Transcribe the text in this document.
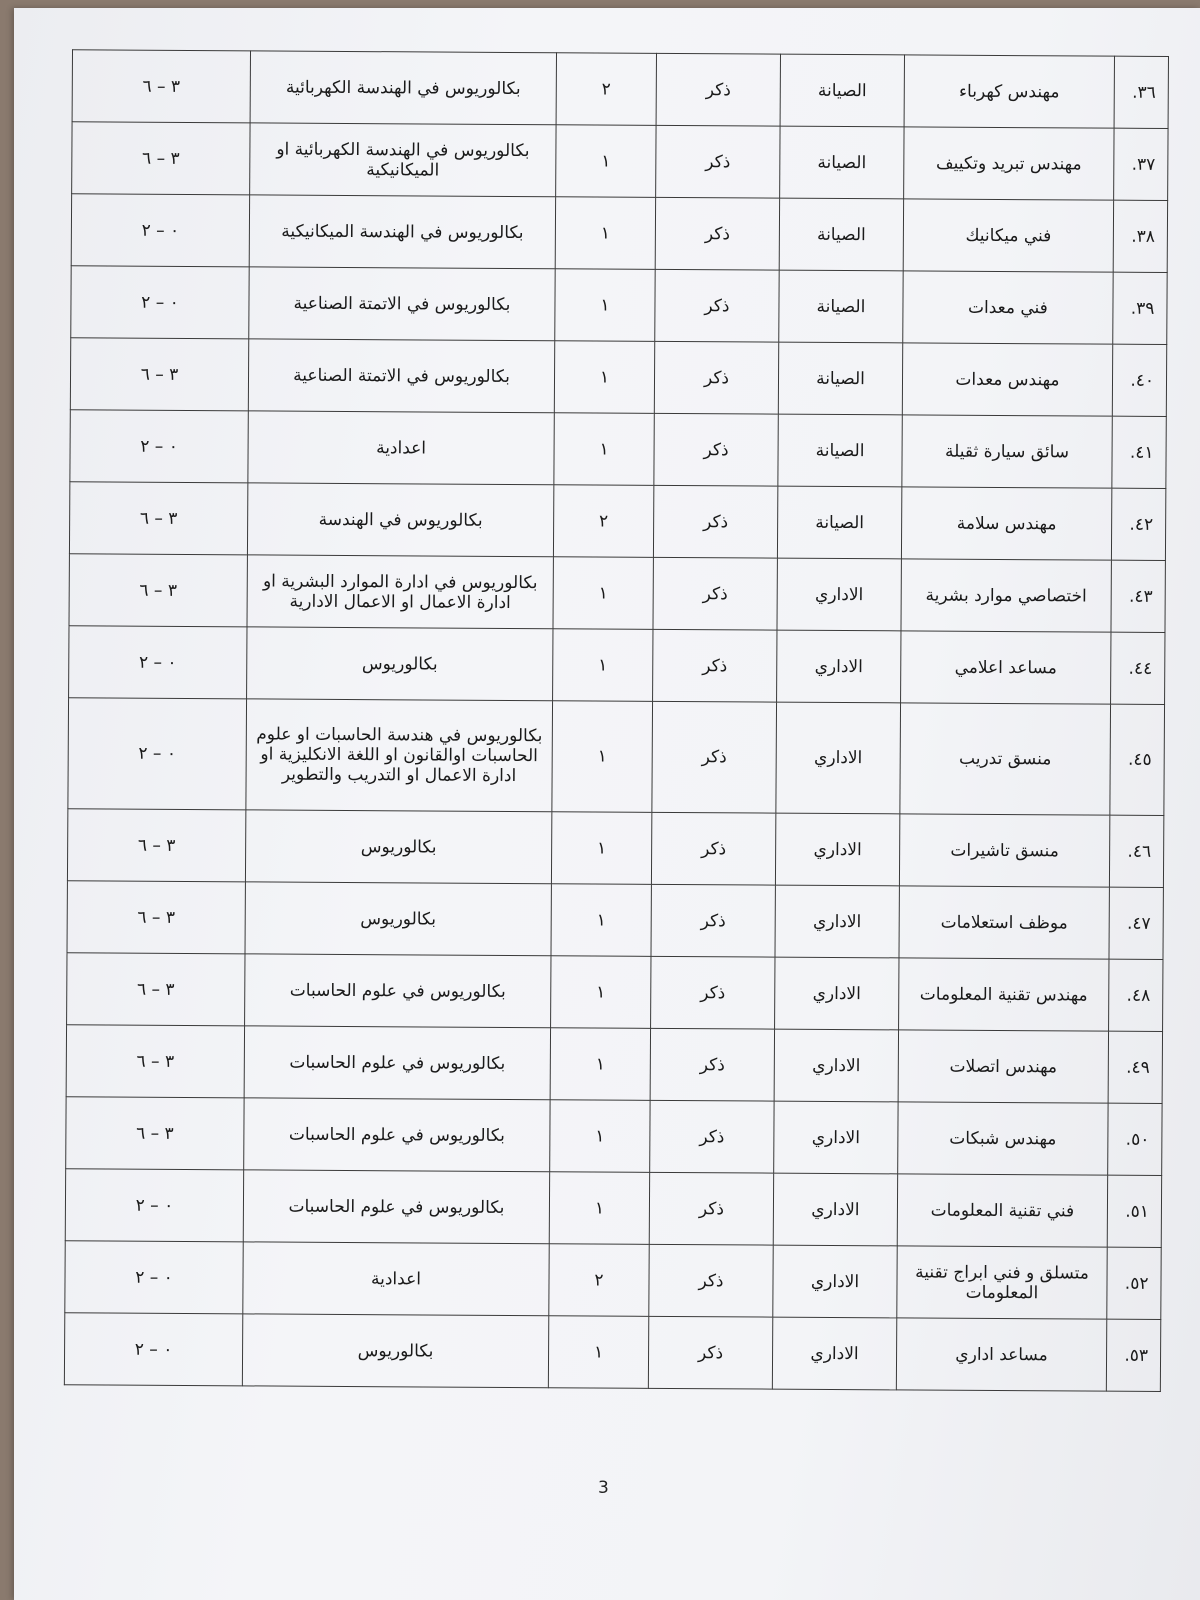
٣٦.	مهندس كهرباء	الصيانة	ذكر	٢	بكالوريوس في الهندسة الكهربائية	٣ – ٦
٣٧.	مهندس تبريد وتكييف	الصيانة	ذكر	١	بكالوريوس في الهندسة الكهربائية او الميكانيكية	٣ – ٦
٣٨.	فني ميكانيك	الصيانة	ذكر	١	بكالوريوس في الهندسة الميكانيكية	٠ – ٢
٣٩.	فني معدات	الصيانة	ذكر	١	بكالوريوس في الاتمتة الصناعية	٠ – ٢
٤٠.	مهندس معدات	الصيانة	ذكر	١	بكالوريوس في الاتمتة الصناعية	٣ – ٦
٤١.	سائق سيارة ثقيلة	الصيانة	ذكر	١	اعدادية	٠ – ٢
٤٢.	مهندس سلامة	الصيانة	ذكر	٢	بكالوريوس في الهندسة	٣ – ٦
٤٣.	اختصاصي موارد بشرية	الاداري	ذكر	١	بكالوريوس في ادارة الموارد البشرية او ادارة الاعمال او الاعمال الادارية	٣ – ٦
٤٤.	مساعد اعلامي	الاداري	ذكر	١	بكالوريوس	٠ – ٢
٤٥.	منسق تدريب	الاداري	ذكر	١	بكالوريوس في هندسة الحاسبات او علوم الحاسبات اوالقانون او اللغة الانكليزية او ادارة الاعمال او التدريب والتطوير	٠ – ٢
٤٦.	منسق تاشيرات	الاداري	ذكر	١	بكالوريوس	٣ – ٦
٤٧.	موظف استعلامات	الاداري	ذكر	١	بكالوريوس	٣ – ٦
٤٨.	مهندس تقنية المعلومات	الاداري	ذكر	١	بكالوريوس في علوم الحاسبات	٣ – ٦
٤٩.	مهندس اتصلات	الاداري	ذكر	١	بكالوريوس في علوم الحاسبات	٣ – ٦
٥٠.	مهندس شبكات	الاداري	ذكر	١	بكالوريوس في علوم الحاسبات	٣ – ٦
٥١.	فني تقنية المعلومات	الاداري	ذكر	١	بكالوريوس في علوم الحاسبات	٠ – ٢
٥٢.	متسلق و فني ابراج تقنية المعلومات	الاداري	ذكر	٢	اعدادية	٠ – ٢
٥٣.	مساعد اداري	الاداري	ذكر	١	بكالوريوس	٠ – ٢
3
